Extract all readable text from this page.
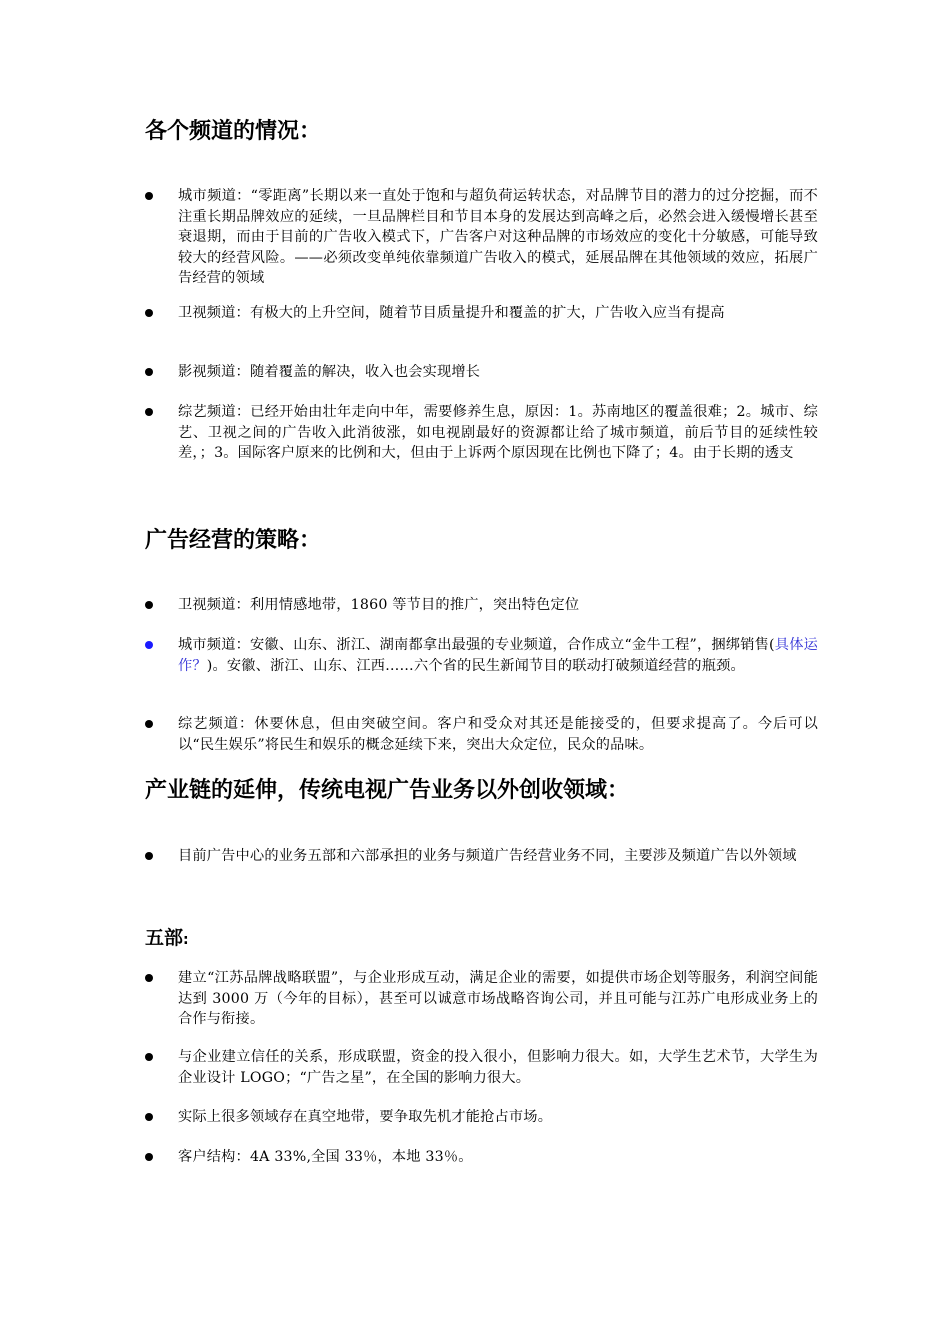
各个频道的情况：
城市频道：“零距离”长期以来一直处于饱和与超负荷运转状态，对品牌节目的潜力的过分挖掘，而不注重长期品牌效应的延续，一旦品牌栏目和节目本身的发展达到高峰之后，必然会进入缓慢增长甚至衰退期，而由于目前的广告收入模式下，广告客户对这种品牌的市场效应的变化十分敏感，可能导致较大的经营风险。——必须改变单纯依靠频道广告收入的模式，延展品牌在其他领域的效应，拓展广告经营的领域
卫视频道：有极大的上升空间，随着节目质量提升和覆盖的扩大，广告收入应当有提高
影视频道：随着覆盖的解决，收入也会实现增长
综艺频道：已经开始由壮年走向中年，需要修养生息，原因：1。苏南地区的覆盖很难；2。城市、综艺、卫视之间的广告收入此消彼涨，如电视剧最好的资源都让给了城市频道，前后节目的延续性较差，；3。国际客户原来的比例和大，但由于上诉两个原因现在比例也下降了；4。由于长期的透支
广告经营的策略：
卫视频道：利用情感地带，1860 等节目的推广，突出特色定位
城市频道：安徽、山东、浙江、湖南都拿出最强的专业频道，合作成立“金牛工程”，捆绑销售(具体运作？)。安徽、浙江、山东、江西……六个省的民生新闻节目的联动打破频道经营的瓶颈。
综艺频道：休要休息，但由突破空间。客户和受众对其还是能接受的，但要求提高了。今后可以以“民生娱乐”将民生和娱乐的概念延续下来，突出大众定位，民众的品味。
产业链的延伸，传统电视广告业务以外创收领域：
目前广告中心的业务五部和六部承担的业务与频道广告经营业务不同，主要涉及频道广告以外领域
五部:
建立“江苏品牌战略联盟”，与企业形成互动，满足企业的需要，如提供市场企划等服务，利润空间能达到 3000 万（今年的目标），甚至可以诚意市场战略咨询公司，并且可能与江苏广电形成业务上的合作与衔接。
与企业建立信任的关系，形成联盟，资金的投入很小，但影响力很大。如，大学生艺术节，大学生为企业设计 LOGO；“广告之星”，在全国的影响力很大。
实际上很多领域存在真空地带，要争取先机才能抢占市场。
客户结构：4A 33%,全国 33％，本地 33％。
